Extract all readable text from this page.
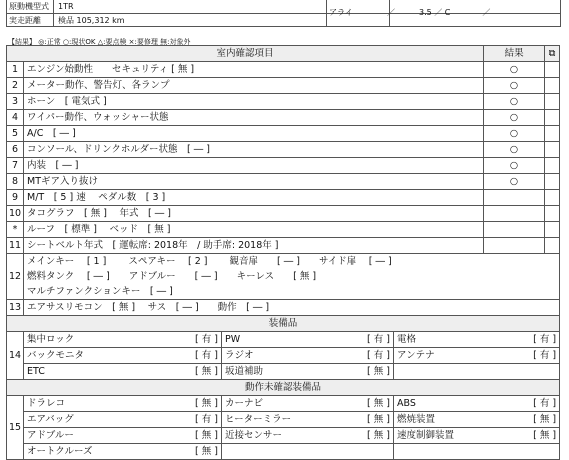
原動機型式	1TR
実走距離	検品 105,312 km
アライ	／　　　3.5 ／ C　　　　／
【結果】 ◎:正常 ○:現状OK △:要点検 ×:要修理 無:対象外
室内確認項目				結果	⧉
1	エンジン始動性　　セキュリティ [ 無 ]			○	
2	メーター動作、警告灯、各ランプ			○	
3	ホーン　[ 電気式 ]			○	
4	ワイパー動作、ウォッシャー状態			○	
5	A/C　[ ― ]			○	
6	コンソール、ドリンクホルダー状態　[ ― ]			○	
7	内装　[ ― ]			○	
8	MTギア入り抜け			○	
9	M/T　[ 5 ] 速　 ペダル数　[ 3 ]				
10	タコグラフ　[ 無 ]　 年式　[ ― ]				
*	ルーフ　[ 標準 ]　 ベッド　[ 無 ]				
11	シートベルト年式　[ 運転席: 2018年　/ 助手席: 2018年 ]				
12	メインキー　 [ 1 ]　　 スペアキー　 [ 2 ]　　 観音扉　　[ ― ]　　サイド扉　 [ ― ]
燃料タンク　 [ ― ]　　アドブルー　　[ ― ]　　キーレス　　[ 無 ]
マルチファンクションキー　[ ― ]				

13	エアサスリモコン　[ 無 ]　 サス　[ ― ]　　動作　[ ― ]				
装備品					
14	集中ロック [ 有 ]	PW [ 有 ]	電格 [ 有 ]		

	バックモニタ [ 有 ]	ラジオ [ 有 ]	アンテナ [ 有 ]		

	ETC [ 無 ]	坂道補助 [ 無 ]			

動作未確認装備品					
15	ドラレコ [ 無 ]	カーナビ [ 無 ]	ABS [ 有 ]		

	エアバッグ [ 有 ]	ヒーターミラー [ 無 ]	燃焼装置 [ 無 ]		

	アドブルー [ 無 ]	近接センサー [ 無 ]	速度制御装置 [ 無 ]		

	オートクルーズ [ 無 ]				
